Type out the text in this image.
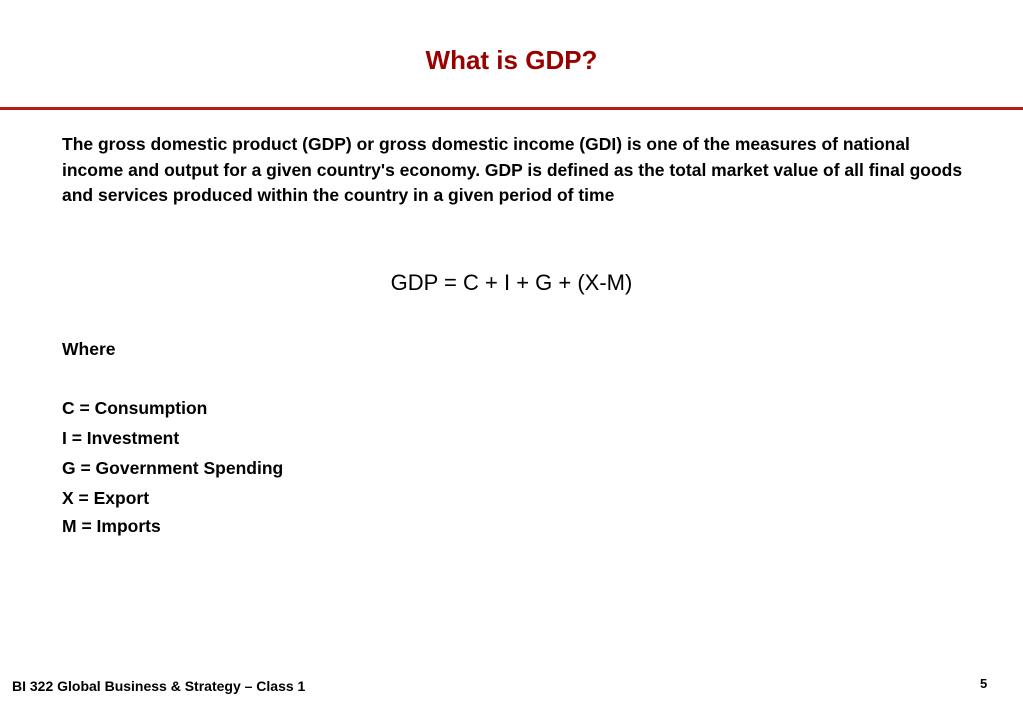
What is GDP?
The gross domestic product (GDP) or gross domestic income (GDI) is one of the measures of national income and output for a given country's economy. GDP is defined as the total market value of all final goods and services produced within the country in a given period of time
GDP = C + I + G + (X-M)
Where
C = Consumption
I = Investment
G = Government Spending
X = Export
M = Imports
BI 322 Global Business & Strategy – Class 1	5
